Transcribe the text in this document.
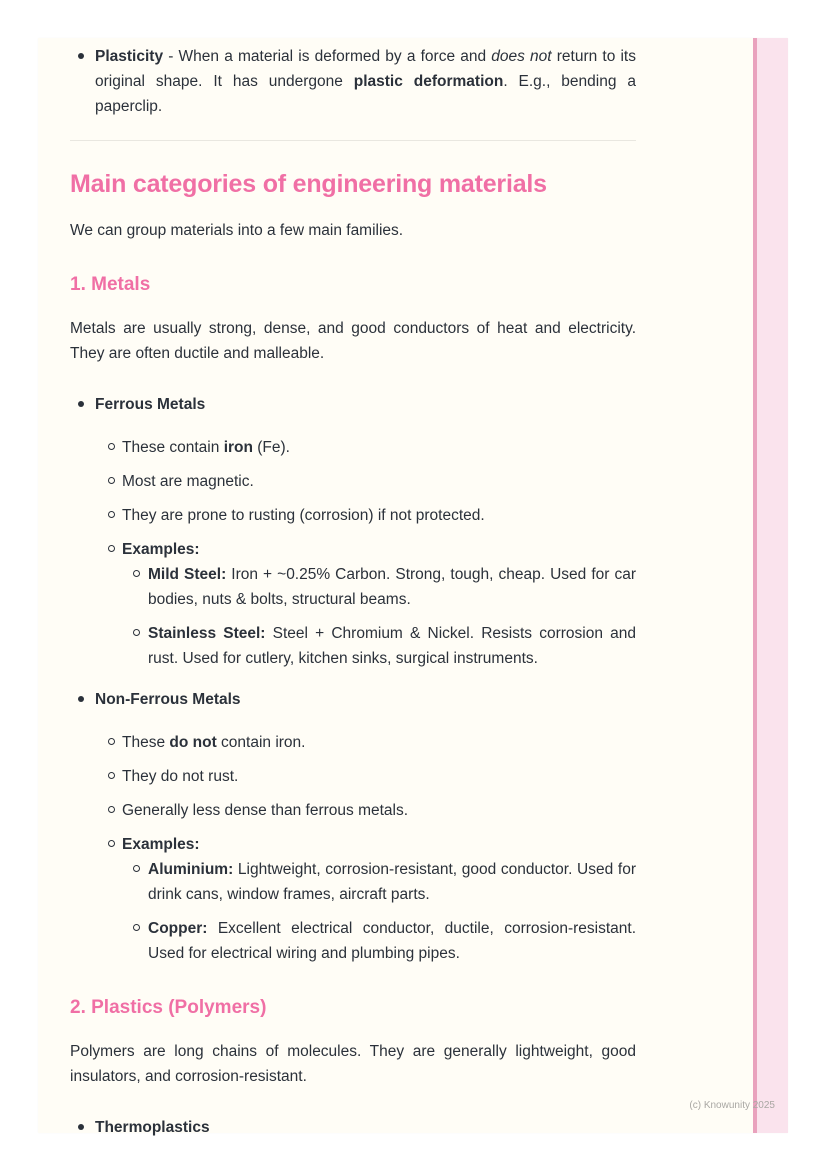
Plasticity - When a material is deformed by a force and does not return to its original shape. It has undergone plastic deformation. E.g., bending a paperclip.
Main categories of engineering materials

We can group materials into a few main families.

1. Metals

Metals are usually strong, dense, and good conductors of heat and electricity. They are often ductile and malleable.

Ferrous Metals
These contain iron (Fe).
Most are magnetic.
They are prone to rusting (corrosion) if not protected.
Examples:
Mild Steel: Iron + ~0.25% Carbon. Strong, tough, cheap. Used for car bodies, nuts & bolts, structural beams.
Stainless Steel: Steel + Chromium & Nickel. Resists corrosion and rust. Used for cutlery, kitchen sinks, surgical instruments.
Non-Ferrous Metals
These do not contain iron.
They do not rust.
Generally less dense than ferrous metals.
Examples:
Aluminium: Lightweight, corrosion-resistant, good conductor. Used for drink cans, window frames, aircraft parts.
Copper: Excellent electrical conductor, ductile, corrosion-resistant. Used for electrical wiring and plumbing pipes.
2. Plastics (Polymers)

Polymers are long chains of molecules. They are generally lightweight, good insulators, and corrosion-resistant.

Thermoplastics
(c) Knowunity 2025
